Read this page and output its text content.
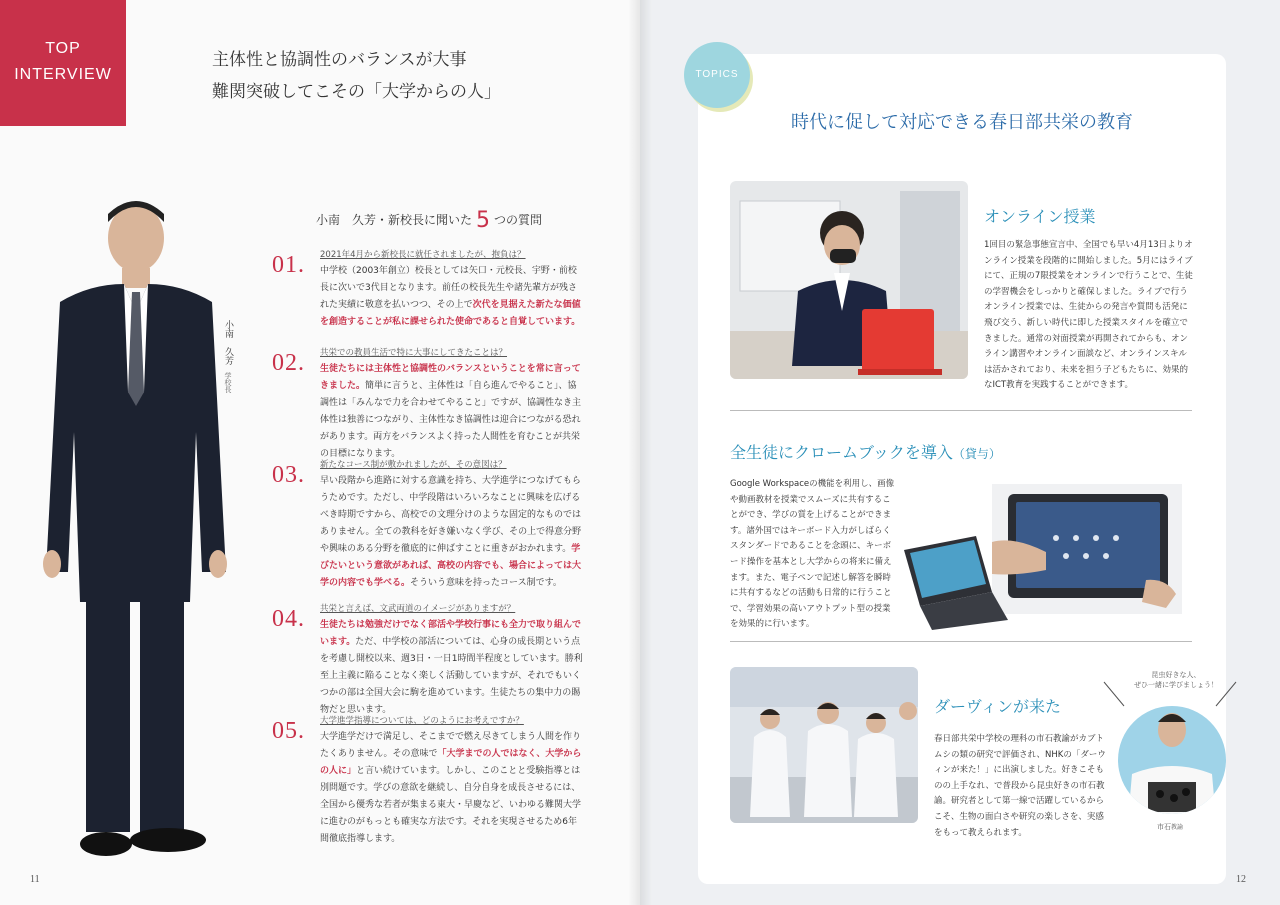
TOP
INTERVIEW
主体性と協調性のバランスが大事
難関突破してこその「大学からの人」
小南　久芳 学校長
小南　久芳・新校長に聞いた 5 つの質問
01. 2021年4月から新校長に就任されましたが、抱負は？
中学校（2003年創立）校長としては矢口・元校長、宇野・前校長に次いで3代目となります。前任の校長先生や諸先輩方が残された実績に敬意を払いつつ、その上で次代を見据えた新たな価値を創造することが私に課せられた使命であると自覚しています。
02. 共栄での教員生活で特に大事にしてきたことは？
生徒たちには主体性と協調性のバランスということを常に言ってきました。簡単に言うと、主体性は「自ら進んでやること」、協調性は「みんなで力を合わせてやること」ですが、協調性なき主体性は独善につながり、主体性なき協調性は迎合につながる恐れがあります。両方をバランスよく持った人間性を育むことが共栄の目標になります。
03. 新たなコース制が敷かれましたが、その意図は？
早い段階から進路に対する意識を持ち、大学進学につなげてもらうためです。ただし、中学段階はいろいろなことに興味を広げるべき時期ですから、高校での文理分けのような固定的なものではありません。全ての教科を好き嫌いなく学び、その上で得意分野や興味のある分野を徹底的に伸ばすことに重きがおかれます。学びたいという意欲があれば、高校の内容でも、場合によっては大学の内容でも学べる。そういう意味を持ったコース制です。
04. 共栄と言えば、文武両道のイメージがありますが？
生徒たちは勉強だけでなく部活や学校行事にも全力で取り組んでいます。ただ、中学校の部活については、心身の成長期という点を考慮し開校以来、週3日・一日1時間半程度としています。勝利至上主義に陥ることなく楽しく活動していますが、それでもいくつかの部は全国大会に駒を進めています。生徒たちの集中力の賜物だと思います。
05. 大学進学指導については、どのようにお考えですか？
大学進学だけで満足し、そこまでで燃え尽きてしまう人間を作りたくありません。その意味で「大学までの人ではなく、大学からの人に」と言い続けています。しかし、このことと受験指導とは別問題です。学びの意欲を継続し、自分自身を成長させるには、全国から優秀な若者が集まる東大・早慶など、いわゆる難関大学に進むのがもっとも確実な方法です。それを実現させるため6年間徹底指導します。
11
TOPICS
時代に促して対応できる春日部共栄の教育
オンライン授業
1回目の緊急事態宣言中、全国でも早い4月13日よりオンライン授業を段階的に開始しました。5月にはライブにて、正規の7限授業をオンラインで行うことで、生徒の学習機会をしっかりと確保しました。ライブで行うオンライン授業では、生徒からの発言や質問も活発に飛び交う、新しい時代に即した授業スタイルを確立できました。通常の対面授業が再開されてからも、オンライン講習やオンライン面談など、オンラインスキルは活かされており、未来を担う子どもたちに、効果的なICT教育を実践することができます。
全生徒にクロームブックを導入（貸与）
Google Workspaceの機能を利用し、画像や動画教材を授業でスムーズに共有することができ、学びの質を上げることができます。諸外国ではキーボード入力がしばらくスタンダードであることを念頭に、キーボード操作を基本とし大学からの将来に備えます。また、電子ペンで記述し解答を瞬時に共有するなどの活動も日常的に行うことで、学習効果の高いアウトプット型の授業を効果的に行います。
ダーヴィンが来た
春日部共栄中学校の理科の市石教諭がカブトムシの類の研究で評価され、NHKの「ダーウィンが来た！」に出演しました。好きこそものの上手なれ、で普段から昆虫好きの市石教諭。研究者として第一線で活躍しているからこそ、生物の面白さや研究の楽しさを、実感をもって教えられます。
昆虫好きな人、
ぜひ一緒に学びましょう！
市石教諭
12
